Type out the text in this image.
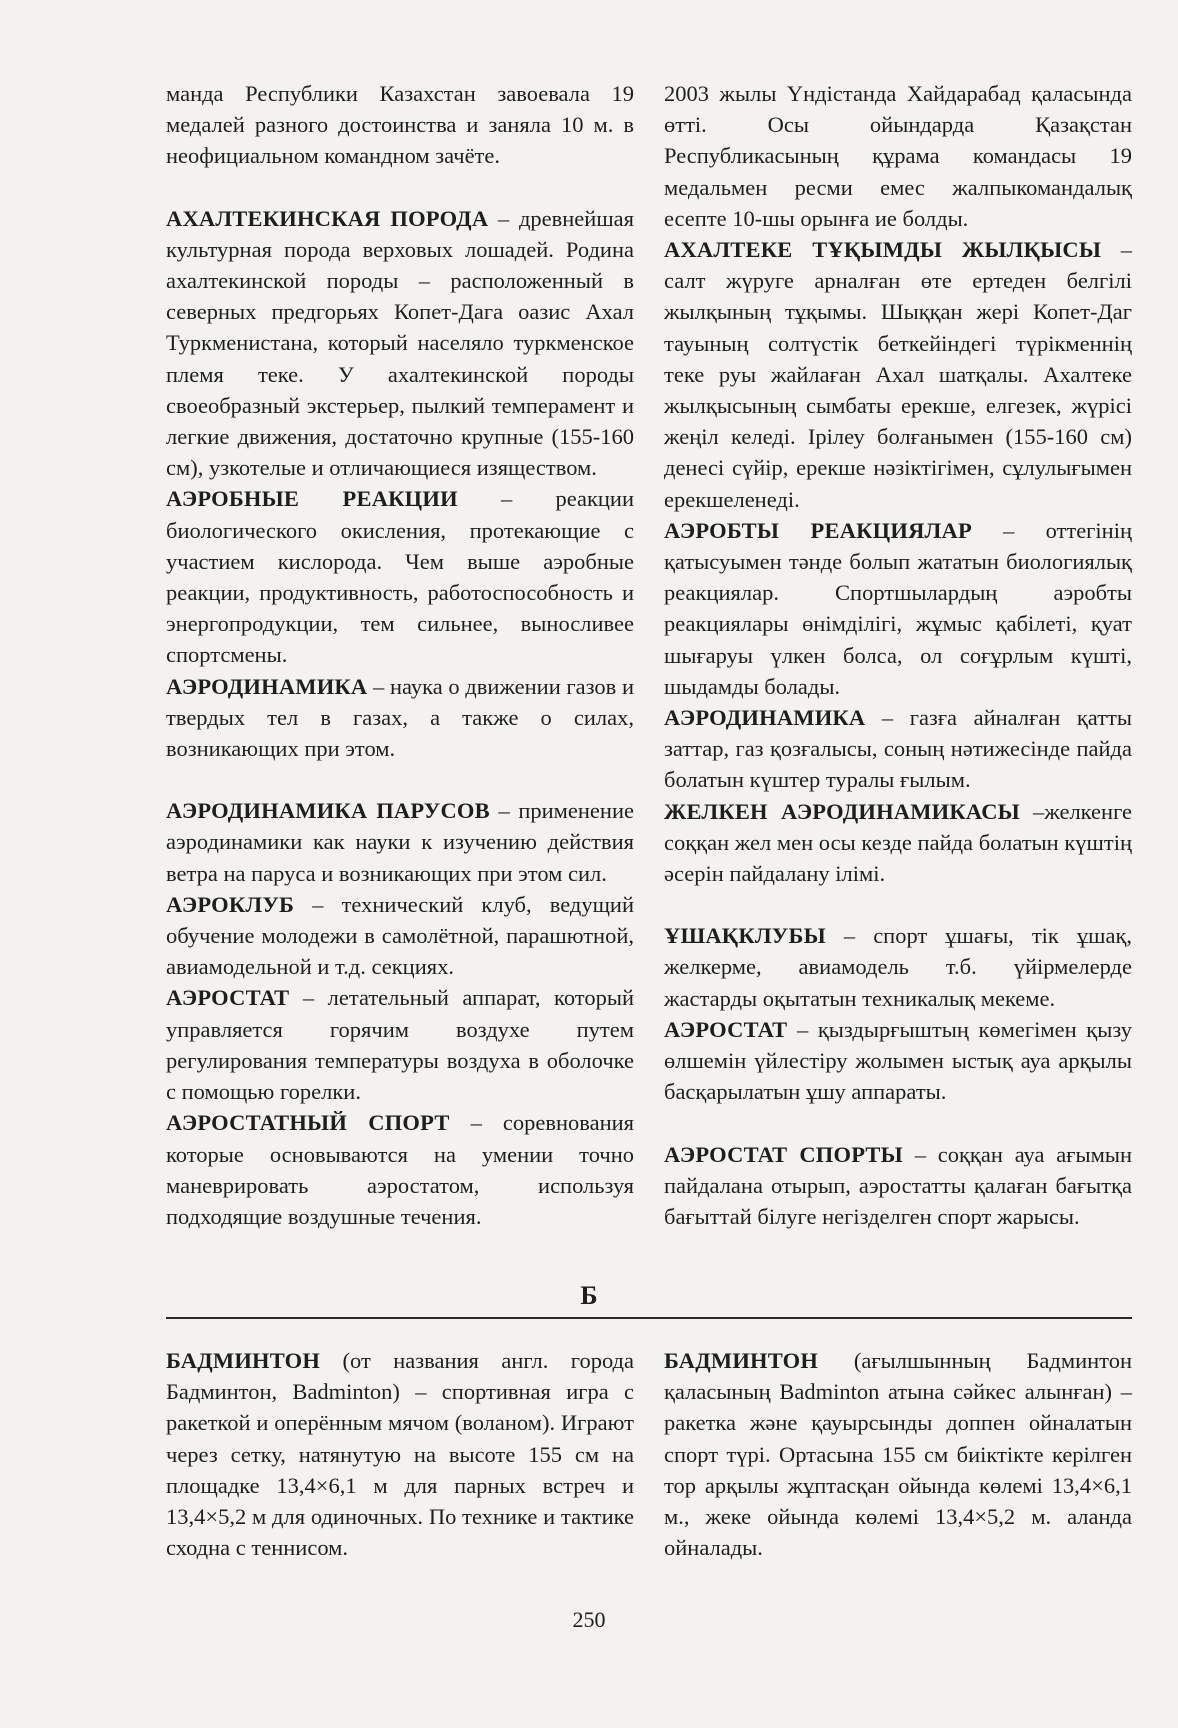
манда Республики Казахстан завоевала 19 медалей разного достоинства и заняла 10 м. в неофициальном командном зачёте.

АХАЛТЕКИНСКАЯ ПОРОДА – древнейшая культурная порода верховых лошадей. Родина ахалтекинской породы – расположенный в северных предгорьях Копет-Дага оазис Ахал Туркменистана, который населяло туркменское племя теке. У ахалтекинской породы своеобразный экстерьер, пылкий темперамент и легкие движения, достаточно крупные (155-160 см), узкотелые и отличающиеся изяществом.

АЭРОБНЫЕ РЕАКЦИИ – реакции биологического окисления, протекающие с участием кислорода. Чем выше аэробные реакции, продуктивность, работоспособность и энергопродукции, тем сильнее, выносливее спортсмены.

АЭРОДИНАМИКА – наука о движении газов и твердых тел в газах, а также о силах, возникающих при этом.

АЭРОДИНАМИКА ПАРУСОВ – применение аэродинамики как науки к изучению действия ветра на паруса и возникающих при этом сил.

АЭРОКЛУБ – технический клуб, ведущий обучение молодежи в самолётной, парашютной, авиамодельной и т.д. секциях.

АЭРОСТАТ – летательный аппарат, который управляется горячим воздухе путем регулирования температуры воздуха в оболочке с помощью горелки.

АЭРОСТАТНЫЙ СПОРТ – соревнования которые основываются на умении точно маневрировать аэростатом, используя подходящие воздушные течения.

2003 жылы Үндістанда Хайдарабад қаласында өтті. Осы ойындарда Қазақстан Республикасының құрама командасы 19 медальмен ресми емес жалпыкомандалық есепте 10-шы орынға ие болды.

АХАЛТЕКЕ ТҰҚЫМДЫ ЖЫЛҚЫСЫ – салт жүруге арналған өте ертеден белгілі жылқының тұқымы. Шыққан жері Копет-Даг тауының солтүстік беткейіндегі түрікменнің теке руы жайлаған Ахал шатқалы. Ахалтеке жылқысының сымбаты ерекше, елгезек, жүрісі жеңіл келеді. Ірілеу болғанымен (155-160 см) денесі сүйір, ерекше нәзіктігімен, сұлулығымен ерекшеленеді.

АЭРОБТЫ РЕАКЦИЯЛАР – оттегінің қатысуымен тәнде болып жататын биологиялық реакциялар. Спортшылардың аэробты реакциялары өнімділігі, жұмыс қабілеті, қуат шығаруы үлкен болса, ол соғұрлым күшті, шыдамды болады.

АЭРОДИНАМИКА – газға айналған қатты заттар, газ қозғалысы, соның нәтижесінде пайда болатын күштер туралы ғылым.

ЖЕЛКЕН АЭРОДИНАМИКАСЫ –желкенге соққан жел мен осы кезде пайда болатын күштің әсерін пайдалану ілімі.

ҰШАҚКЛУБЫ – спорт ұшағы, тік ұшақ, желкерме, авиамодель т.б. үйірмелерде жастарды оқытатын техникалық мекеме.

АЭРОСТАТ – қыздырғыштың көмегімен қызу өлшемін үйлестіру жолымен ыстық ауа арқылы басқарылатын ұшу аппараты.

АЭРОСТАТ СПОРТЫ – соққан ауа ағымын пайдалана отырып, аэростатты қалаған бағытқа бағыттай білуге негізделген спорт жарысы.

Б

БАДМИНТОН (от названия англ. города Бадминтон, Badminton) – спортивная игра с ракеткой и оперённым мячом (воланом). Играют через сетку, натянутую на высоте 155 см на площадке 13,4×6,1 м для парных встреч и 13,4×5,2 м для одиночных. По технике и тактике сходна с теннисом.

БАДМИНТОН (ағылшынның Бадминтон қаласының Badminton атына сәйкес алынған) – ракетка және қауырсынды доппен ойналатын спорт түрі. Ортасына 155 см биіктікте керілген тор арқылы жұптасқан ойында көлемі 13,4×6,1 м., жеке ойында көлемі 13,4×5,2 м. аланда ойналады.

250
